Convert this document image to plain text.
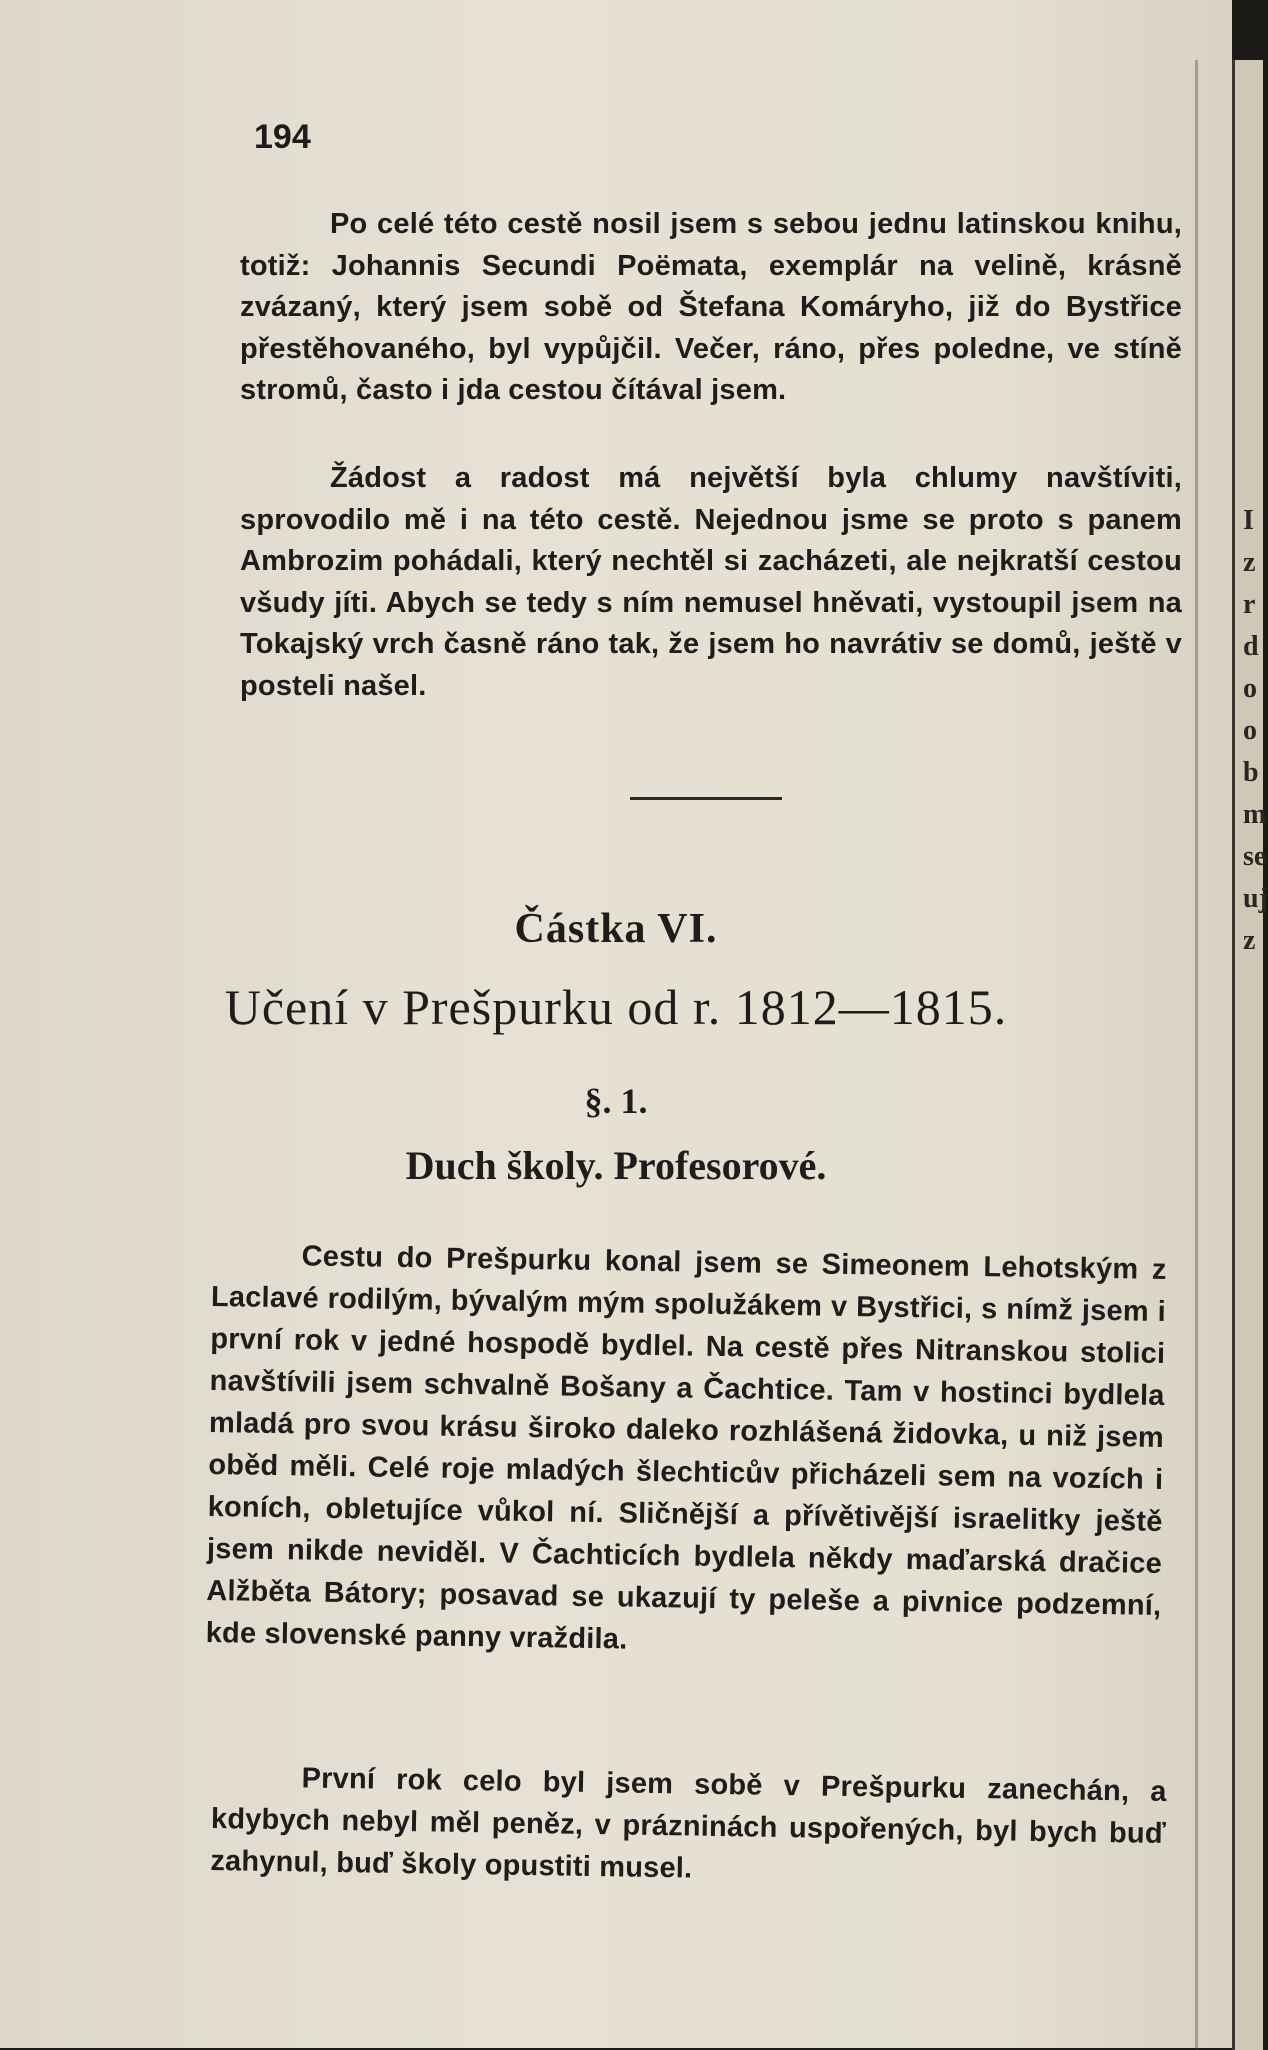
194

Po celé této cestě nosil jsem s sebou jednu latinskou knihu, totiž: Johannis Secundi Poëmata, exemplár na velině, krásně zvázaný, který jsem sobě od Štefana Komáryho, již do Bystřice přestěhovaného, byl vypůjčil. Večer, ráno, přes poledne, ve stíně stromů, často i jda cestou čítával jsem.

Žádost a radost má největší byla chlumy navštíviti, sprovodilo mě i na této cestě. Nejednou jsme se proto s panem Ambrozim pohádali, který nechtěl si zacházeti, ale nejkratší cestou všudy jíti. Abych se tedy s ním nemusel hněvati, vystoupil jsem na Tokajský vrch časně ráno tak, že jsem ho navrátiv se domů, ještě v posteli našel.

Částka VI.
Učení v Prešpurku od r. 1812—1815.
§. 1.
Duch školy. Profesorové.

Cestu do Prešpurku konal jsem se Simeonem Lehotským z Laclavé rodilým, bývalým mým spolužákem v Bystřici, s nímž jsem i první rok v jedné hospodě bydlel. Na cestě přes Nitranskou stolici navštívili jsem schvalně Bošany a Čachtice. Tam v hostinci bydlela mladá pro svou krásu široko daleko rozhlášená židovka, u niž jsem oběd měli. Celé roje mladých šlechticův přicházeli sem na vozích i koních, obletujíce vůkol ní. Sličnější a přívětivější israelitky ještě jsem nikde neviděl. V Čachticích bydlela někdy maďarská dračice Alžběta Bátory; posavad se ukazují ty peleše a pivnice podzemní, kde slovenské panny vraždila.

První rok celo byl jsem sobě v Prešpurku zanechán, a kdybych nebyl měl peněz, v prázninách uspořených, byl bych buď zahynul, buď školy opustiti musel.

I
z
r
d
o
o
b
m
se
uj
z
